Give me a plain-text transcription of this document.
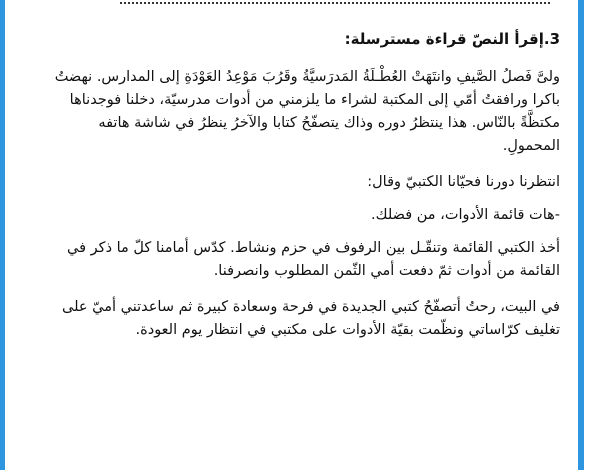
3.إقرأ النصّ قراءة مسترسلة:
ولىَّ فَصلُ الصَّيفِ وانتَهَتْ العُطْـلَةُ المَدرَسيَّةُ وقَرُبَ مَوْعِدُ العَوْدَةِ إلى المدارس. نهضتُ باكرا ورافقتُ أمّي إلى المكتبة لشراء ما يلزمني من أدوات مدرسيّة، دخلنا فوجدناها مكتظَّةً بالنّاس. هذا ينتظرُ دوره وذاك يتصفّحُ كتابا والآخرُ ينظرُ في شاشة هاتفه المحمولِ.
انتظرنا دورنا فحيّانا الكتبيّ وقال:
-هات قائمة الأدوات، من فضلك.
أخذ الكتبي القائمة وتنقّـل بين الرفوف في حزم ونشاط. كدّس أمامنا كلّ ما ذكر في القائمة من أدوات ثمّ دفعت أمي الثّمن المطلوب وانصرفنا.
في البيت، رحتُ أتصفّحُ كتبي الجديدة في فرحة وسعادة كبيرة ثم ساعدتني أميّ على تغليف كرّاساتي ونظّمت بقيّة الأدوات على مكتبي في انتظار يوم العودة.
